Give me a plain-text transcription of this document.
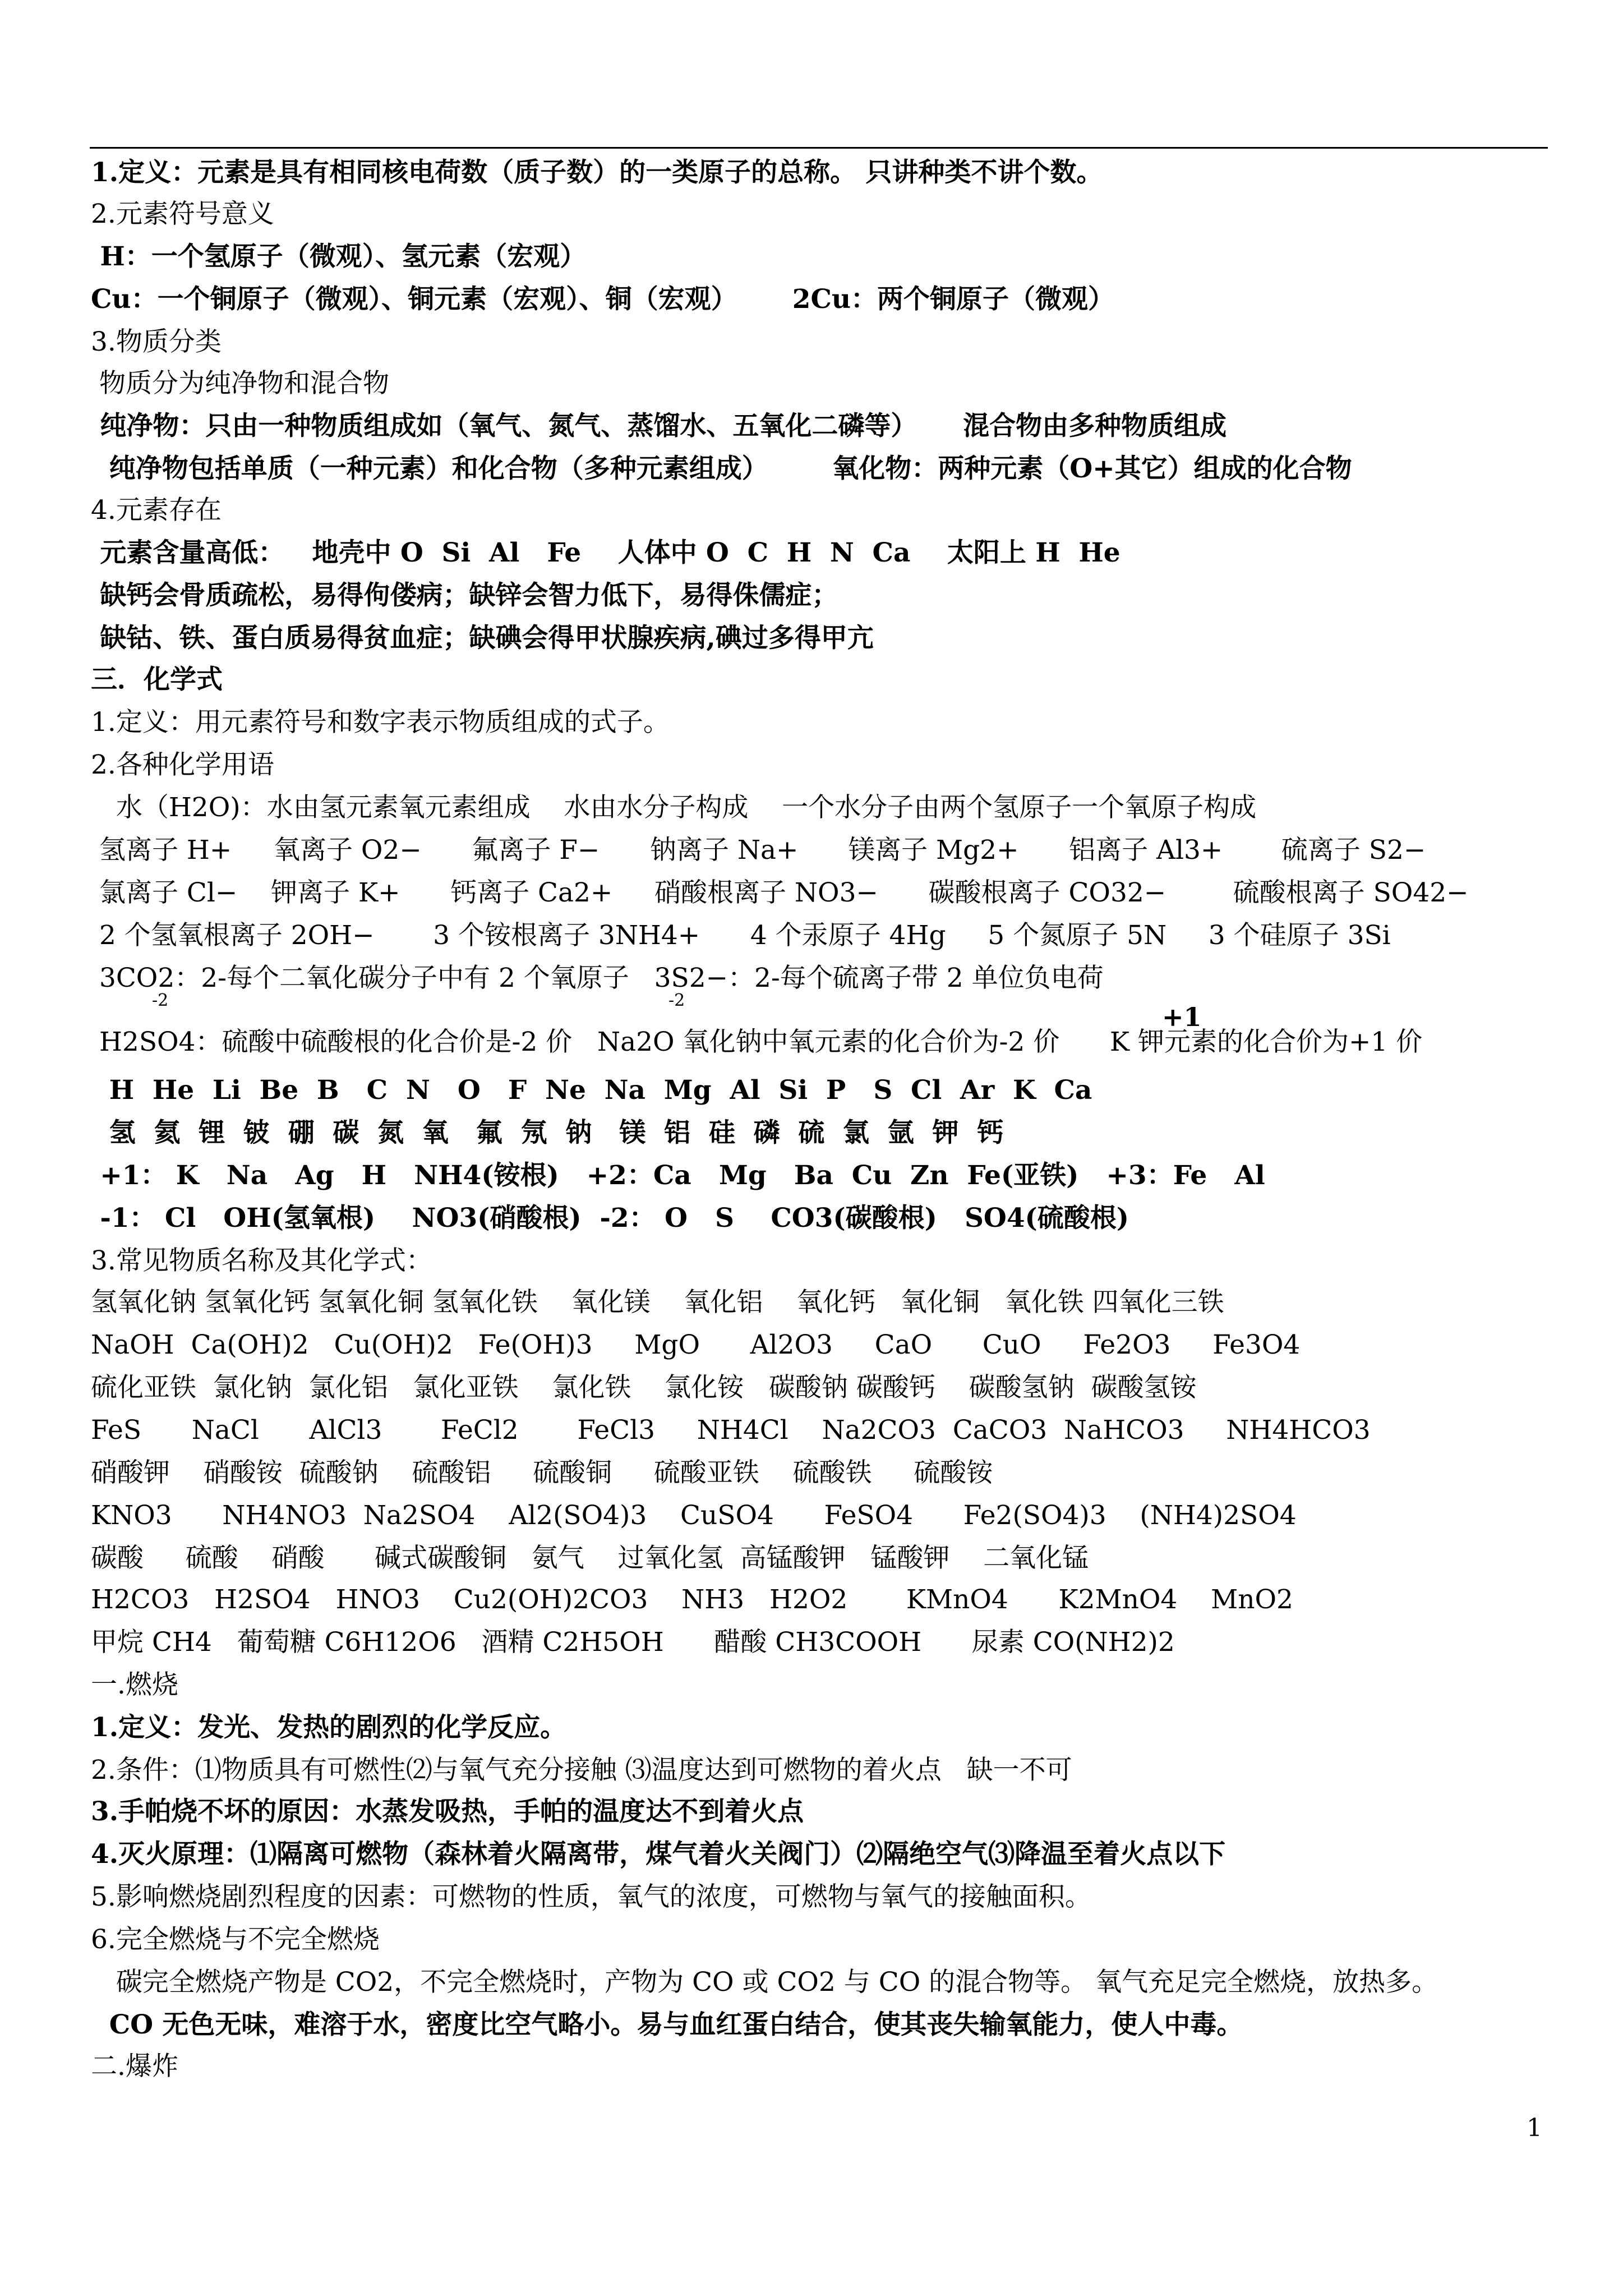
1.定义：元素是具有相同核电荷数（质子数）的一类原子的总称。 只讲种类不讲个数。
2.元素符号意义
H：一个氢原子（微观）、氢元素（宏观）
Cu：一个铜原子（微观）、铜元素（宏观）、铜（宏观）      2Cu：两个铜原子（微观）
3.物质分类
物质分为纯净物和混合物
纯净物：只由一种物质组成如（氧气、氮气、蒸馏水、五氧化二磷等）     混合物由多种物质组成
纯净物包括单质（一种元素）和化合物（多种元素组成）       氧化物：两种元素（O+其它）组成的化合物
4.元素存在
元素含量高低：   地壳中 O  Si  Al   Fe    人体中 O  C  H  N  Ca    太阳上 H  He
缺钙会骨质疏松，易得佝偻病；缺锌会智力低下，易得侏儒症；
缺钴、铁、蛋白质易得贫血症；缺碘会得甲状腺疾病,碘过多得甲亢
三．化学式
1.定义：用元素符号和数字表示物质组成的式子。
2.各种化学用语
水（H2O)：水由氢元素氧元素组成    水由水分子构成    一个水分子由两个氢原子一个氧原子构成
氢离子 H+     氧离子 O2−      氟离子 F−      钠离子 Na+      镁离子 Mg2+      铝离子 Al3+       硫离子 S2−
氯离子 Cl−    钾离子 K+      钙离子 Ca2+     硝酸根离子 NO3−      碳酸根离子 CO32−        硫酸根离子 SO42−
2 个氢氧根离子 2OH−       3 个铵根离子 3NH4+      4 个汞原子 4Hg     5 个氮原子 5N     3 个硅原子 3Si
3CO2：2-每个二氧化碳分子中有 2 个氧原子   3S2−：2-每个硫离子带 2 单位负电荷
H2SO4：硫酸中硫酸根的化合价是-2 价   Na2O 氧化钠中氧元素的化合价为-2 价      K 钾元素的化合价为+1 价
H  He  Li  Be  B   C  N   O   F  Ne  Na  Mg  Al  Si  P   S  Cl  Ar  K  Ca
氢  氦  锂  铍  硼  碳  氮  氧   氟  氖  钠   镁  铝  硅  磷  硫  氯  氩  钾  钙
+1： K   Na   Ag   H   NH4(铵根)   +2：Ca   Mg   Ba  Cu  Zn  Fe(亚铁)   +3：Fe   Al
-1： Cl   OH(氢氧根)    NO3(硝酸根)  -2： O   S    CO3(碳酸根)   SO4(硫酸根)
3.常见物质名称及其化学式：
氢氧化钠 氢氧化钙 氢氧化铜 氢氧化铁    氧化镁    氧化铝    氧化钙   氧化铜   氧化铁 四氧化三铁
NaOH  Ca(OH)2   Cu(OH)2   Fe(OH)3     MgO      Al2O3     CaO      CuO     Fe2O3     Fe3O4
硫化亚铁  氯化钠  氯化铝   氯化亚铁    氯化铁    氯化铵   碳酸钠 碳酸钙    碳酸氢钠  碳酸氢铵
FeS      NaCl      AlCl3       FeCl2       FeCl3     NH4Cl    Na2CO3  CaCO3  NaHCO3     NH4HCO3
硝酸钾    硝酸铵  硫酸钠    硫酸铝     硫酸铜     硫酸亚铁    硫酸铁     硫酸铵
KNO3      NH4NO3  Na2SO4    Al2(SO4)3    CuSO4      FeSO4      Fe2(SO4)3    (NH4)2SO4
碳酸     硫酸    硝酸      碱式碳酸铜   氨气    过氧化氢  高锰酸钾   锰酸钾    二氧化锰
H2CO3   H2SO4   HNO3    Cu2(OH)2CO3    NH3   H2O2       KMnO4      K2MnO4    MnO2
甲烷 CH4   葡萄糖 C6H12O6   酒精 C2H5OH      醋酸 CH3COOH      尿素 CO(NH2)2
一.燃烧
1.定义：发光、发热的剧烈的化学反应。
2.条件：⑴物质具有可燃性⑵与氧气充分接触 ⑶温度达到可燃物的着火点   缺一不可
3.手帕烧不坏的原因：水蒸发吸热，手帕的温度达不到着火点
4.灭火原理：⑴隔离可燃物（森林着火隔离带，煤气着火关阀门）⑵隔绝空气⑶降温至着火点以下
5.影响燃烧剧烈程度的因素：可燃物的性质，氧气的浓度，可燃物与氧气的接触面积。
6.完全燃烧与不完全燃烧
碳完全燃烧产物是 CO2，不完全燃烧时，产物为 CO 或 CO2 与 CO 的混合物等。 氧气充足完全燃烧，放热多。
CO 无色无味，难溶于水，密度比空气略小。易与血红蛋白结合，使其丧失输氧能力，使人中毒。
二.爆炸
-2	-2
+1
1
